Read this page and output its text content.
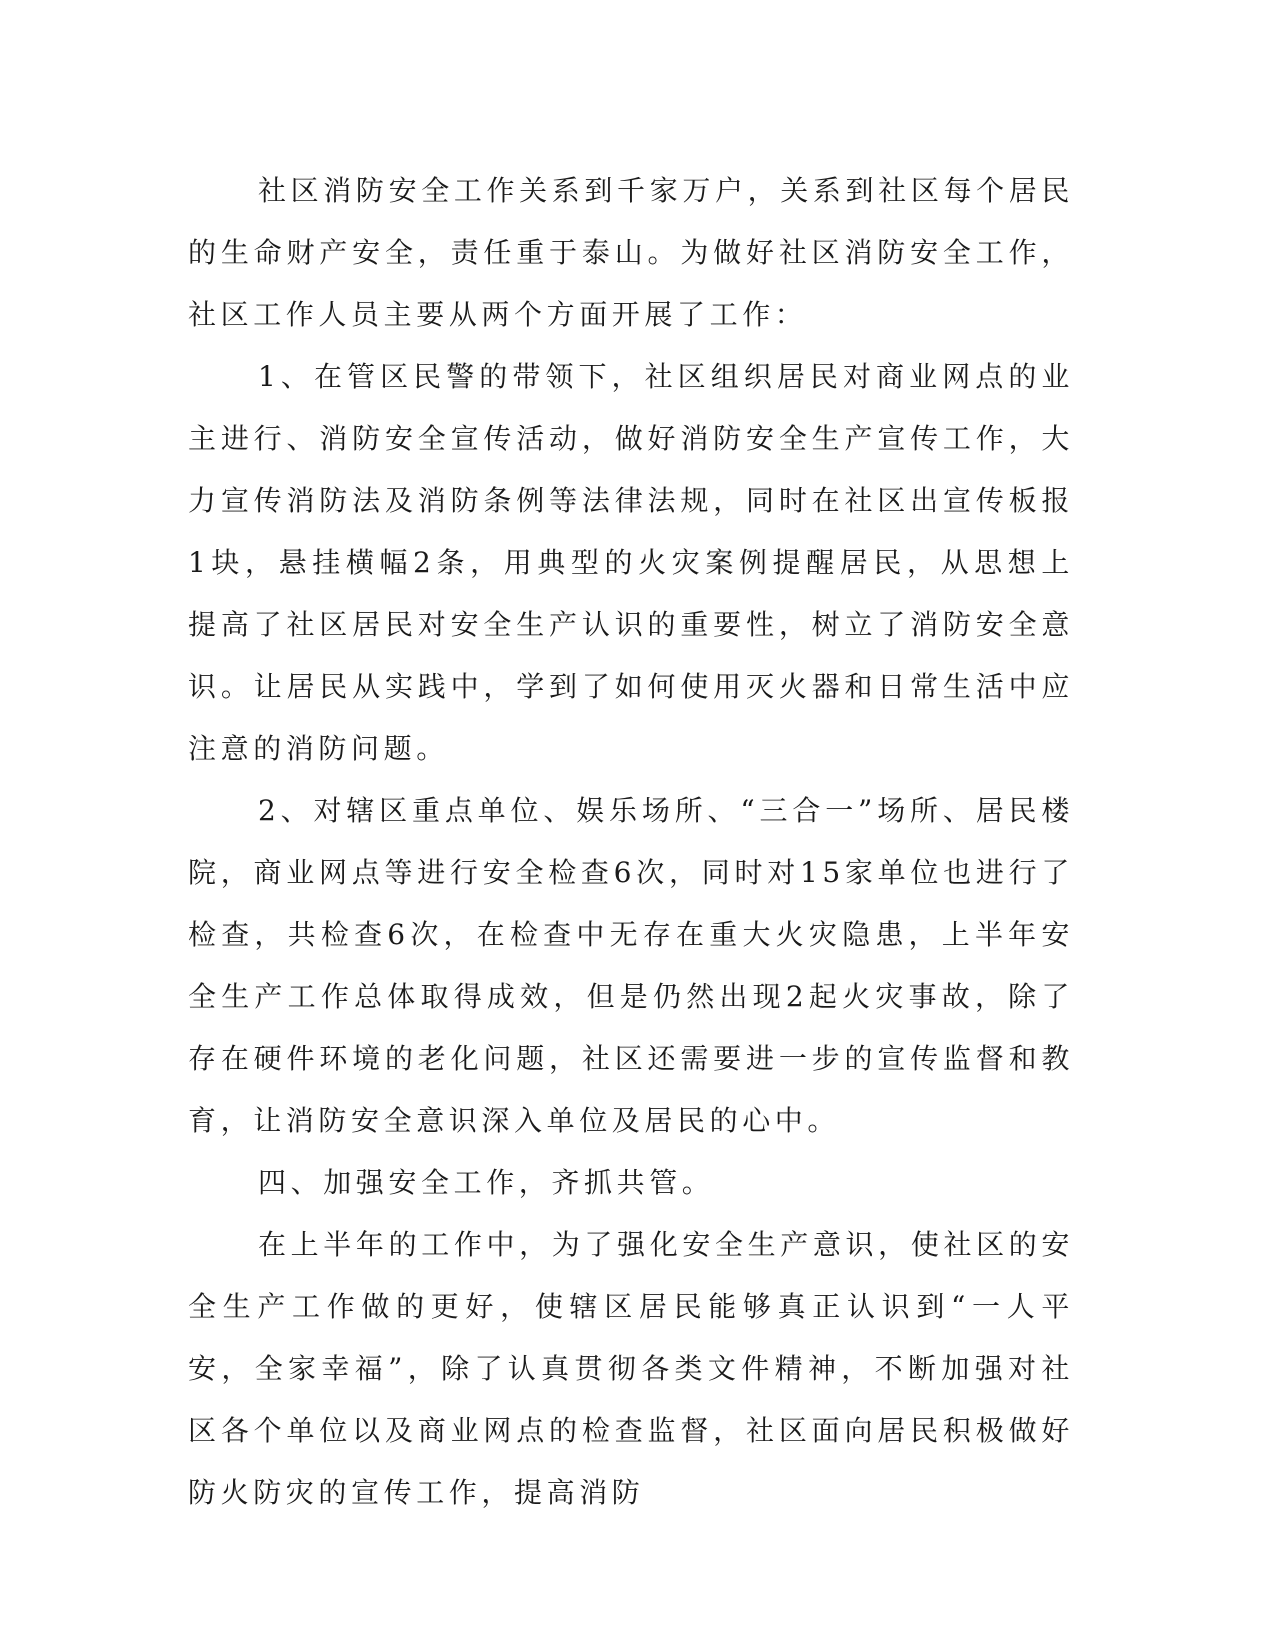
社区消防安全工作关系到千家万户，关系到社区每个居民的生命财产安全，责任重于泰山。为做好社区消防安全工作，社区工作人员主要从两个方面开展了工作：

1、在管区民警的带领下，社区组织居民对商业网点的业主进行、消防安全宣传活动，做好消防安全生产宣传工作，大力宣传消防法及消防条例等法律法规，同时在社区出宣传板报1块，悬挂横幅2条，用典型的火灾案例提醒居民，从思想上提高了社区居民对安全生产认识的重要性，树立了消防安全意识。让居民从实践中，学到了如何使用灭火器和日常生活中应注意的消防问题。

2、对辖区重点单位、娱乐场所、“三合一”场所、居民楼院，商业网点等进行安全检查6次，同时对15家单位也进行了检查，共检查6次，在检查中无存在重大火灾隐患，上半年安全生产工作总体取得成效，但是仍然出现2起火灾事故，除了存在硬件环境的老化问题，社区还需要进一步的宣传监督和教育，让消防安全意识深入单位及居民的心中。

四、加强安全工作，齐抓共管。

在上半年的工作中，为了强化安全生产意识，使社区的安全生产工作做的更好，使辖区居民能够真正认识到“一人平安，全家幸福”，除了认真贯彻各类文件精神，不断加强对社区各个单位以及商业网点的检查监督，社区面向居民积极做好防火防灾的宣传工作，提高消防
